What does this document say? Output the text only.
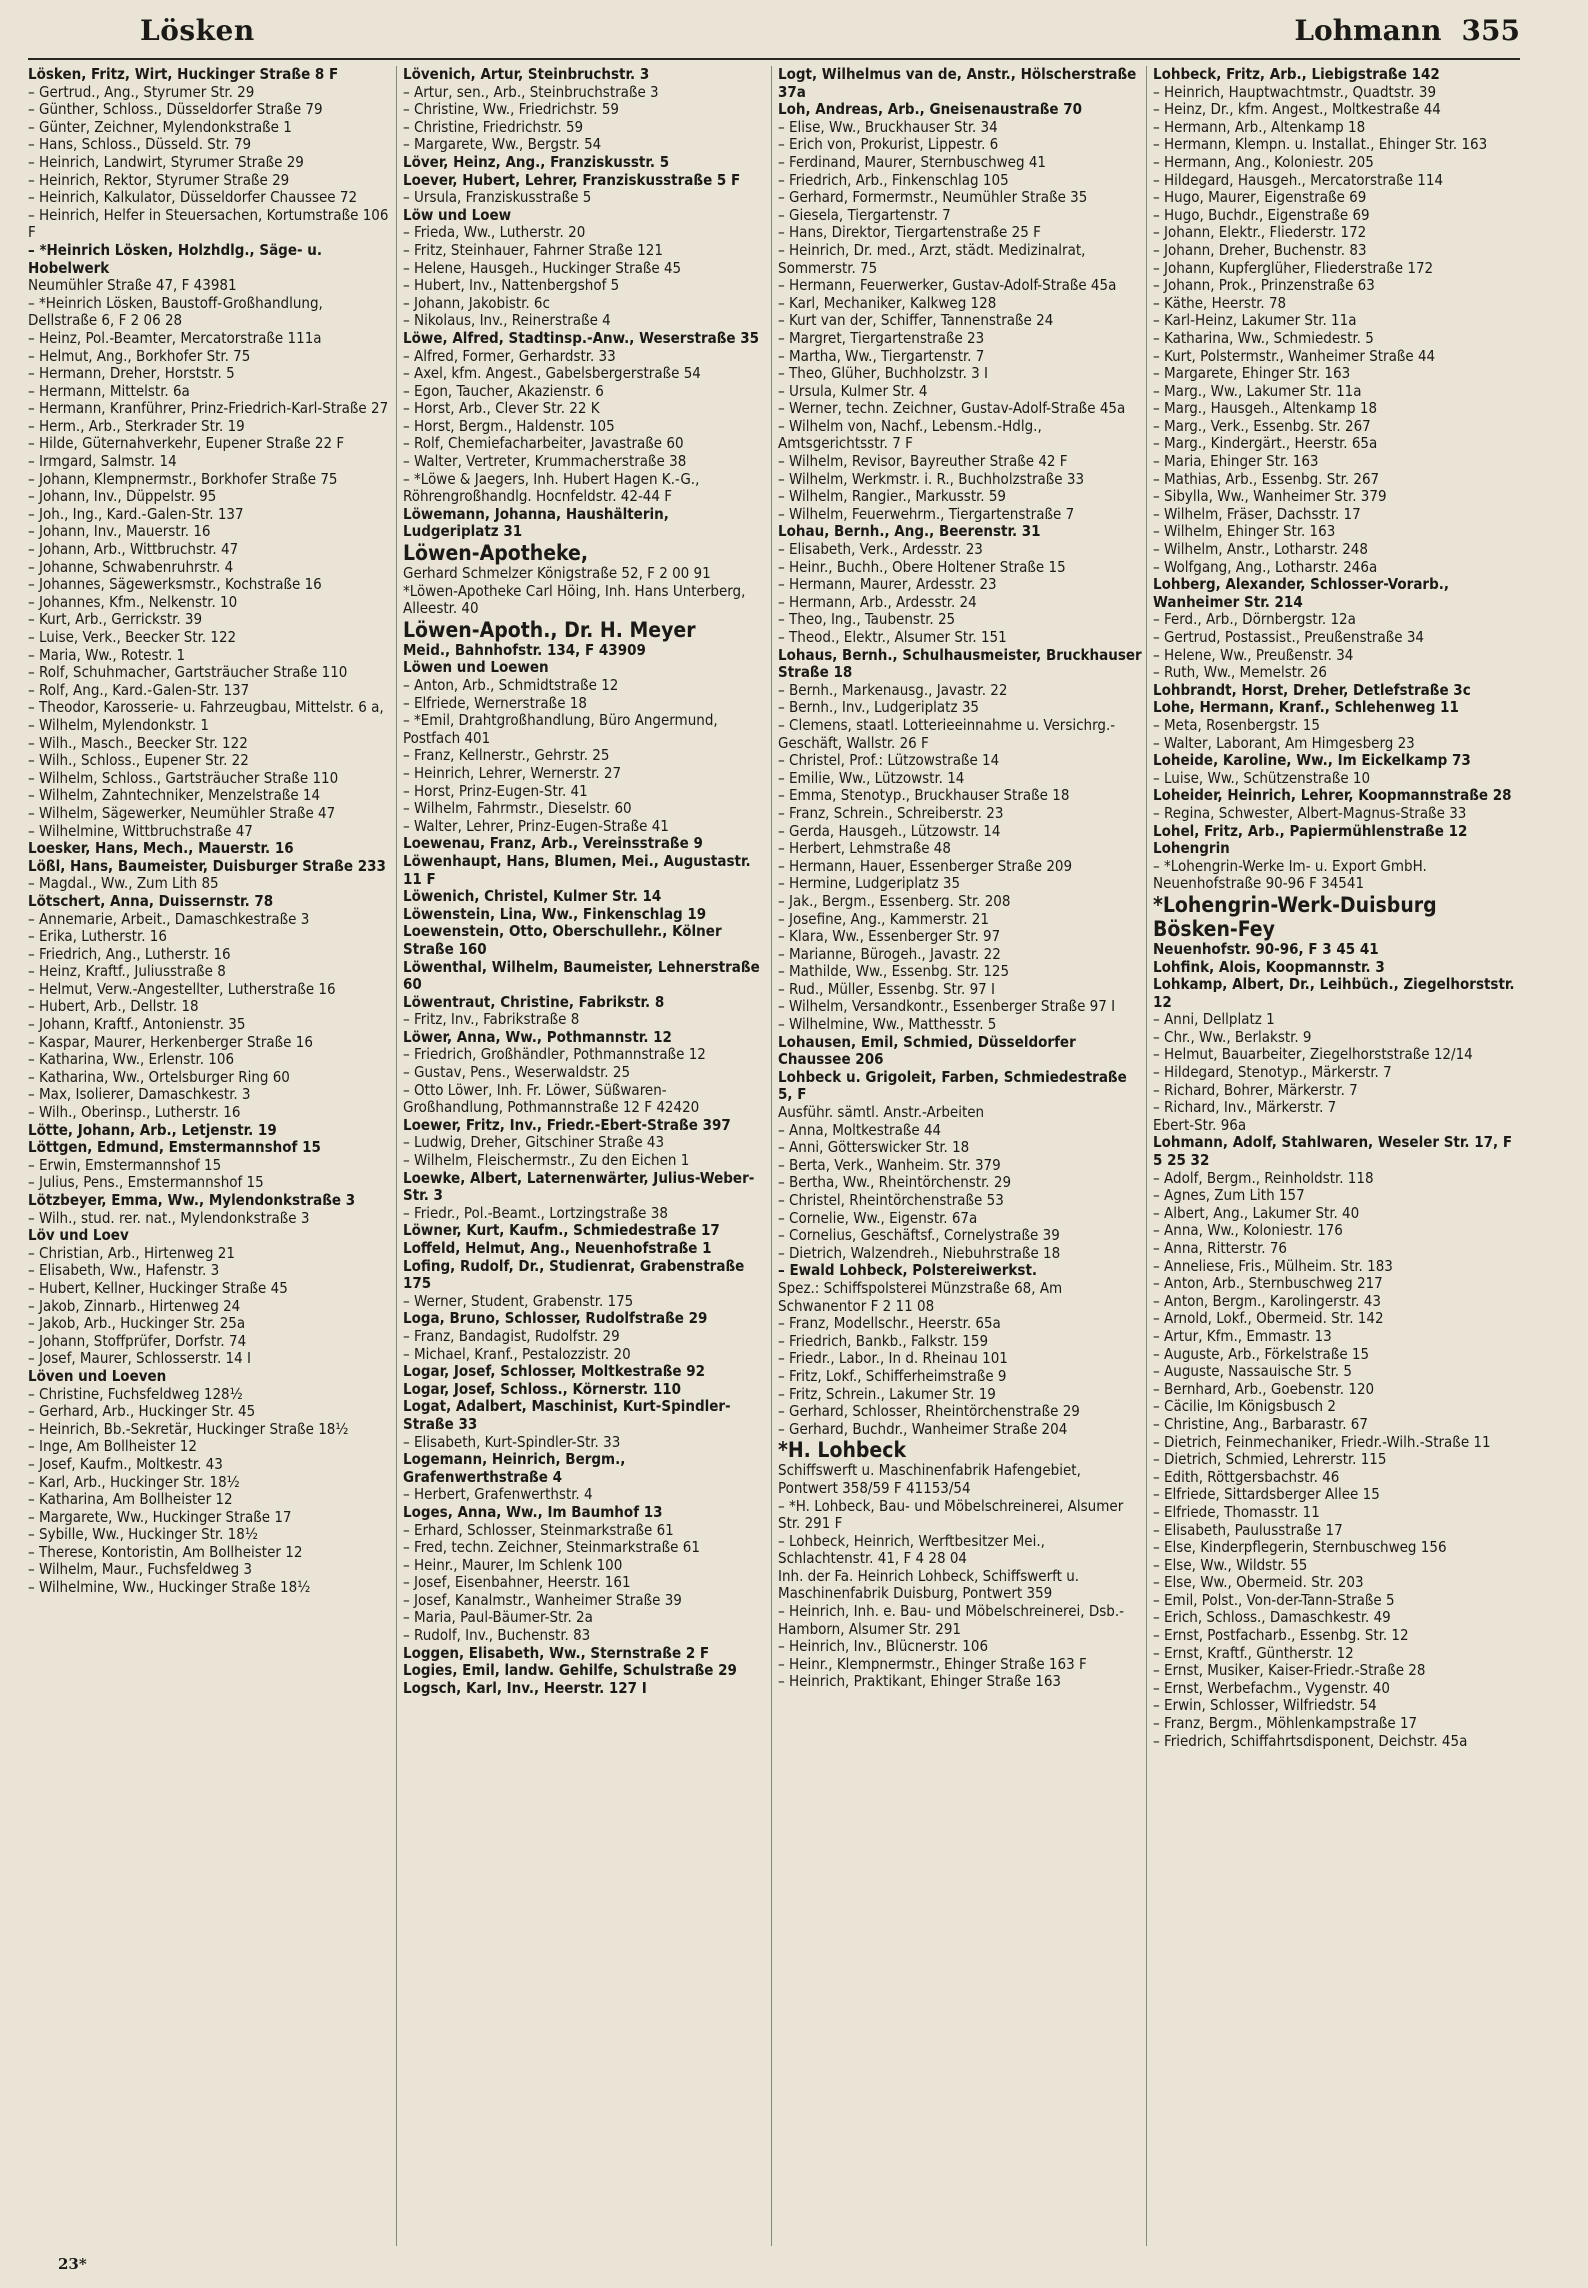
Lösken	Lohmann 355

Lösken, Fritz, Wirt, Huckinger Straße 8 F

– Gertrud., Ang., Styrumer Str. 29

– Günther, Schloss., Düsseldorfer Straße 79

– Günter, Zeichner, Mylendonkstraße 1

– Hans, Schloss., Düsseld. Str. 79

– Heinrich, Landwirt, Styrumer Straße 29

– Heinrich, Rektor, Styrumer Straße 29

– Heinrich, Kalkulator, Düsseldorfer Chaussee 72

– Heinrich, Helfer in Steuersachen, Kortumstraße 106 F

– *Heinrich Lösken, Holzhdlg., Säge- u. Hobelwerk

Neumühler Straße 47, F 43981

– *Heinrich Lösken, Baustoff-Großhandlung, Dellstraße 6, F 2 06 28

– Heinz, Pol.-Beamter, Mercatorstraße 111a

– Helmut, Ang., Borkhofer Str. 75

– Hermann, Dreher, Horststr. 5

– Hermann, Mittelstr. 6a

– Hermann, Kranführer, Prinz-Friedrich-Karl-Straße 27

– Herm., Arb., Sterkrader Str. 19

– Hilde, Güternahverkehr, Eupener Straße 22 F

– Irmgard, Salmstr. 14

– Johann, Klempnermstr., Borkhofer Straße 75

– Johann, Inv., Düppelstr. 95

– Joh., Ing., Kard.-Galen-Str. 137

– Johann, Inv., Mauerstr. 16

– Johann, Arb., Wittbruchstr. 47

– Johanne, Schwabenruhrstr. 4

– Johannes, Sägewerksmstr., Kochstraße 16

– Johannes, Kfm., Nelkenstr. 10

– Kurt, Arb., Gerrickstr. 39

– Luise, Verk., Beecker Str. 122

– Maria, Ww., Rotestr. 1

– Rolf, Schuhmacher, Gartsträucher Straße 110

– Rolf, Ang., Kard.-Galen-Str. 137

– Theodor, Karosserie- u. Fahrzeugbau, Mittelstr. 6 a,

– Wilhelm, Mylendonkstr. 1

– Wilh., Masch., Beecker Str. 122

– Wilh., Schloss., Eupener Str. 22

– Wilhelm, Schloss., Gartsträucher Straße 110

– Wilhelm, Zahntechniker, Menzelstraße 14

– Wilhelm, Sägewerker, Neumühler Straße 47

– Wilhelmine, Wittbruchstraße 47

Loesker, Hans, Mech., Mauerstr. 16

Lößl, Hans, Baumeister, Duisburger Straße 233

– Magdal., Ww., Zum Lith 85

Lötschert, Anna, Duissernstr. 78

– Annemarie, Arbeit., Damaschkestraße 3

– Erika, Lutherstr. 16

– Friedrich, Ang., Lutherstr. 16

– Heinz, Kraftf., Juliusstraße 8

– Helmut, Verw.-Angestellter, Lutherstraße 16

– Hubert, Arb., Dellstr. 18

– Johann, Kraftf., Antonienstr. 35

– Kaspar, Maurer, Herkenberger Straße 16

– Katharina, Ww., Erlenstr. 106

– Katharina, Ww., Ortelsburger Ring 60

– Max, Isolierer, Damaschkestr. 3

– Wilh., Oberinsp., Lutherstr. 16

Lötte, Johann, Arb., Letjenstr. 19

Löttgen, Edmund, Emstermannshof 15

– Erwin, Emstermannshof 15

– Julius, Pens., Emstermannshof 15

Lötzbeyer, Emma, Ww., Mylendonkstraße 3

– Wilh., stud. rer. nat., Mylendonkstraße 3

Löv und Loev

– Christian, Arb., Hirtenweg 21

– Elisabeth, Ww., Hafenstr. 3

– Hubert, Kellner, Huckinger Straße 45

– Jakob, Zinnarb., Hirtenweg 24

– Jakob, Arb., Huckinger Str. 25a

– Johann, Stoffprüfer, Dorfstr. 74

– Josef, Maurer, Schlosserstr. 14 I

Löven und Loeven

– Christine, Fuchsfeldweg 128½

– Gerhard, Arb., Huckinger Str. 45

– Heinrich, Bb.-Sekretär, Huckinger Straße 18½

– Inge, Am Bollheister 12

– Josef, Kaufm., Moltkestr. 43

– Karl, Arb., Huckinger Str. 18½

– Katharina, Am Bollheister 12

– Margarete, Ww., Huckinger Straße 17

– Sybille, Ww., Huckinger Str. 18½

– Therese, Kontoristin, Am Bollheister 12

– Wilhelm, Maur., Fuchsfeldweg 3

– Wilhelmine, Ww., Huckinger Straße 18½

Lövenich, Artur, Steinbruchstr. 3

– Artur, sen., Arb., Steinbruchstraße 3

– Christine, Ww., Friedrichstr. 59

– Christine, Friedrichstr. 59

– Margarete, Ww., Bergstr. 54

Löver, Heinz, Ang., Franziskusstr. 5

Loever, Hubert, Lehrer, Franziskusstraße 5 F

– Ursula, Franziskusstraße 5

Löw und Loew

– Frieda, Ww., Lutherstr. 20

– Fritz, Steinhauer, Fahrner Straße 121

– Helene, Hausgeh., Huckinger Straße 45

– Hubert, Inv., Nattenbergshof 5

– Johann, Jakobistr. 6c

– Nikolaus, Inv., Reinerstraße 4

Löwe, Alfred, Stadtinsp.-Anw., Weserstraße 35

– Alfred, Former, Gerhardstr. 33

– Axel, kfm. Angest., Gabelsbergerstraße 54

– Egon, Taucher, Akazienstr. 6

– Horst, Arb., Clever Str. 22 K

– Horst, Bergm., Haldenstr. 105

– Rolf, Chemiefacharbeiter, Javastraße 60

– Walter, Vertreter, Krummacherstraße 38

– *Löwe & Jaegers, Inh. Hubert Hagen K.-G., Röhrengroßhandlg. Hocnfeldstr. 42-44 F

Löwemann, Johanna, Haushälterin, Ludgeriplatz 31

Löwen-Apotheke,

Gerhard Schmelzer Königstraße 52, F 2 00 91

*Löwen-Apotheke Carl Höing, Inh. Hans Unterberg, Alleestr. 40

Löwen-Apoth., Dr. H. Meyer

Meid., Bahnhofstr. 134, F 43909

Löwen und Loewen

– Anton, Arb., Schmidtstraße 12

– Elfriede, Wernerstraße 18

– *Emil, Drahtgroßhandlung, Büro Angermund, Postfach 401

– Franz, Kellnerstr., Gehrstr. 25

– Heinrich, Lehrer, Wernerstr. 27

– Horst, Prinz-Eugen-Str. 41

– Wilhelm, Fahrmstr., Dieselstr. 60

– Walter, Lehrer, Prinz-Eugen-Straße 41

Loewenau, Franz, Arb., Vereinsstraße 9

Löwenhaupt, Hans, Blumen, Mei., Augustastr. 11 F

Löwenich, Christel, Kulmer Str. 14

Löwenstein, Lina, Ww., Finkenschlag 19

Loewenstein, Otto, Oberschullehr., Kölner Straße 160

Löwenthal, Wilhelm, Baumeister, Lehnerstraße 60

Löwentraut, Christine, Fabrikstr. 8

– Fritz, Inv., Fabrikstraße 8

Löwer, Anna, Ww., Pothmannstr. 12

– Friedrich, Großhändler, Pothmannstraße 12

– Gustav, Pens., Weserwaldstr. 25

– Otto Löwer, Inh. Fr. Löwer, Süßwaren-Großhandlung, Pothmannstraße 12 F 42420

Loewer, Fritz, Inv., Friedr.-Ebert-Straße 397

– Ludwig, Dreher, Gitschiner Straße 43

– Wilhelm, Fleischermstr., Zu den Eichen 1

Loewke, Albert, Laternenwärter, Julius-Weber-Str. 3

– Friedr., Pol.-Beamt., Lortzingstraße 38

Löwner, Kurt, Kaufm., Schmiedestraße 17

Loffeld, Helmut, Ang., Neuenhofstraße 1

Lofing, Rudolf, Dr., Studienrat, Grabenstraße 175

– Werner, Student, Grabenstr. 175

Loga, Bruno, Schlosser, Rudolfstraße 29

– Franz, Bandagist, Rudolfstr. 29

– Michael, Kranf., Pestalozzistr. 20

Logar, Josef, Schlosser, Moltkestraße 92

Logar, Josef, Schloss., Körnerstr. 110

Logat, Adalbert, Maschinist, Kurt-Spindler-Straße 33

– Elisabeth, Kurt-Spindler-Str. 33

Logemann, Heinrich, Bergm., Grafenwerthstraße 4

– Herbert, Grafenwerthstr. 4

Loges, Anna, Ww., Im Baumhof 13

– Erhard, Schlosser, Steinmarkstraße 61

– Fred, techn. Zeichner, Steinmarkstraße 61

– Heinr., Maurer, Im Schlenk 100

– Josef, Eisenbahner, Heerstr. 161

– Josef, Kanalmstr., Wanheimer Straße 39

– Maria, Paul-Bäumer-Str. 2a

– Rudolf, Inv., Buchenstr. 83

Loggen, Elisabeth, Ww., Sternstraße 2 F

Logies, Emil, landw. Gehilfe, Schulstraße 29

Logsch, Karl, Inv., Heerstr. 127 I

Logt, Wilhelmus van de, Anstr., Hölscherstraße 37a

Loh, Andreas, Arb., Gneisenaustraße 70

– Elise, Ww., Bruckhauser Str. 34

– Erich von, Prokurist, Lippestr. 6

– Ferdinand, Maurer, Sternbuschweg 41

– Friedrich, Arb., Finkenschlag 105

– Gerhard, Formermstr., Neumühler Straße 35

– Giesela, Tiergartenstr. 7

– Hans, Direktor, Tiergartenstraße 25 F

– Heinrich, Dr. med., Arzt, städt. Medizinalrat, Sommerstr. 75

– Hermann, Feuerwerker, Gustav-Adolf-Straße 45a

– Karl, Mechaniker, Kalkweg 128

– Kurt van der, Schiffer, Tannenstraße 24

– Margret, Tiergartenstraße 23

– Martha, Ww., Tiergartenstr. 7

– Theo, Glüher, Buchholzstr. 3 I

– Ursula, Kulmer Str. 4

– Werner, techn. Zeichner, Gustav-Adolf-Straße 45a

– Wilhelm von, Nachf., Lebensm.-Hdlg., Amtsgerichtsstr. 7 F

– Wilhelm, Revisor, Bayreuther Straße 42 F

– Wilhelm, Werkmstr. i. R., Buchholzstraße 33

– Wilhelm, Rangier., Markusstr. 59

– Wilhelm, Feuerwehrm., Tiergartenstraße 7

Lohau, Bernh., Ang., Beerenstr. 31

– Elisabeth, Verk., Ardesstr. 23

– Heinr., Buchh., Obere Holtener Straße 15

– Hermann, Maurer, Ardesstr. 23

– Hermann, Arb., Ardesstr. 24

– Theo, Ing., Taubenstr. 25

– Theod., Elektr., Alsumer Str. 151

Lohaus, Bernh., Schulhausmeister, Bruckhauser Straße 18

– Bernh., Markenausg., Javastr. 22

– Bernh., Inv., Ludgeriplatz 35

– Clemens, staatl. Lotterieeinnahme u. Versichrg.-Geschäft, Wallstr. 26 F

– Christel, Prof.: Lützowstraße 14

– Emilie, Ww., Lützowstr. 14

– Emma, Stenotyp., Bruckhauser Straße 18

– Franz, Schrein., Schreiberstr. 23

– Gerda, Hausgeh., Lützowstr. 14

– Herbert, Lehmstraße 48

– Hermann, Hauer, Essenberger Straße 209

– Hermine, Ludgeriplatz 35

– Jak., Bergm., Essenberg. Str. 208

– Josefine, Ang., Kammerstr. 21

– Klara, Ww., Essenberger Str. 97

– Marianne, Bürogeh., Javastr. 22

– Mathilde, Ww., Essenbg. Str. 125

– Rud., Müller, Essenbg. Str. 97 I

– Wilhelm, Versandkontr., Essenberger Straße 97 I

– Wilhelmine, Ww., Matthesstr. 5

Lohausen, Emil, Schmied, Düsseldorfer Chaussee 206

Lohbeck u. Grigoleit, Farben, Schmiedestraße 5, F

Ausführ. sämtl. Anstr.-Arbeiten

– Anna, Moltkestraße 44

– Anni, Götterswicker Str. 18

– Berta, Verk., Wanheim. Str. 379

– Bertha, Ww., Rheintörchenstr. 29

– Christel, Rheintörchenstraße 53

– Cornelie, Ww., Eigenstr. 67a

– Cornelius, Geschäftsf., Cornelystraße 39

– Dietrich, Walzendreh., Niebuhrstraße 18

– Ewald Lohbeck, Polstereiwerkst.

Spez.: Schiffspolsterei Münzstraße 68, Am Schwanentor F 2 11 08

– Franz, Modellschr., Heerstr. 65a

– Friedrich, Bankb., Falkstr. 159

– Friedr., Labor., In d. Rheinau 101

– Fritz, Lokf., Schifferheimstraße 9

– Fritz, Schrein., Lakumer Str. 19

– Gerhard, Schlosser, Rheintörchenstraße 29

– Gerhard, Buchdr., Wanheimer Straße 204

*H. Lohbeck

Schiffswerft u. Maschinenfabrik Hafengebiet, Pontwert 358/59 F 41153/54

– *H. Lohbeck, Bau- und Möbelschreinerei, Alsumer Str. 291 F

– Lohbeck, Heinrich, Werftbesitzer Mei., Schlachtenstr. 41, F 4 28 04

Inh. der Fa. Heinrich Lohbeck, Schiffswerft u. Maschinenfabrik Duisburg, Pontwert 359

– Heinrich, Inh. e. Bau- und Möbelschreinerei, Dsb.-Hamborn, Alsumer Str. 291

– Heinrich, Inv., Blücnerstr. 106

– Heinr., Klempnermstr., Ehinger Straße 163 F

– Heinrich, Praktikant, Ehinger Straße 163

Lohbeck, Fritz, Arb., Liebigstraße 142

– Heinrich, Hauptwachtmstr., Quadtstr. 39

– Heinz, Dr., kfm. Angest., Moltkestraße 44

– Hermann, Arb., Altenkamp 18

– Hermann, Klempn. u. Installat., Ehinger Str. 163

– Hermann, Ang., Koloniestr. 205

– Hildegard, Hausgeh., Mercatorstraße 114

– Hugo, Maurer, Eigenstraße 69

– Hugo, Buchdr., Eigenstraße 69

– Johann, Elektr., Fliederstr. 172

– Johann, Dreher, Buchenstr. 83

– Johann, Kupferglüher, Fliederstraße 172

– Johann, Prok., Prinzenstraße 63

– Käthe, Heerstr. 78

– Karl-Heinz, Lakumer Str. 11a

– Katharina, Ww., Schmiedestr. 5

– Kurt, Polstermstr., Wanheimer Straße 44

– Margarete, Ehinger Str. 163

– Marg., Ww., Lakumer Str. 11a

– Marg., Hausgeh., Altenkamp 18

– Marg., Verk., Essenbg. Str. 267

– Marg., Kindergärt., Heerstr. 65a

– Maria, Ehinger Str. 163

– Mathias, Arb., Essenbg. Str. 267

– Sibylla, Ww., Wanheimer Str. 379

– Wilhelm, Fräser, Dachsstr. 17

– Wilhelm, Ehinger Str. 163

– Wilhelm, Anstr., Lotharstr. 248

– Wolfgang, Ang., Lotharstr. 246a

Lohberg, Alexander, Schlosser-Vorarb., Wanheimer Str. 214

– Ferd., Arb., Dörnbergstr. 12a

– Gertrud, Postassist., Preußenstraße 34

– Helene, Ww., Preußenstr. 34

– Ruth, Ww., Memelstr. 26

Lohbrandt, Horst, Dreher, Detlefstraße 3c

Lohe, Hermann, Kranf., Schlehenweg 11

– Meta, Rosenbergstr. 15

– Walter, Laborant, Am Himgesberg 23

Loheide, Karoline, Ww., Im Eickelkamp 73

– Luise, Ww., Schützenstraße 10

Loheider, Heinrich, Lehrer, Koopmannstraße 28

– Regina, Schwester, Albert-Magnus-Straße 33

Lohel, Fritz, Arb., Papiermühlenstraße 12

Lohengrin

– *Lohengrin-Werke Im- u. Export GmbH. Neuenhofstraße 90-96 F 34541

*Lohengrin-Werk-Duisburg Bösken-Fey

Neuenhofstr. 90-96, F 3 45 41

Lohfink, Alois, Koopmannstr. 3

Lohkamp, Albert, Dr., Leihbüch., Ziegelhorststr. 12

– Anni, Dellplatz 1

– Chr., Ww., Berlakstr. 9

– Helmut, Bauarbeiter, Ziegelhorststraße 12/14

– Hildegard, Stenotyp., Märkerstr. 7

– Richard, Bohrer, Märkerstr. 7

– Richard, Inv., Märkerstr. 7

Ebert-Str. 96a

Lohmann, Adolf, Stahlwaren, Weseler Str. 17, F 5 25 32

– Adolf, Bergm., Reinholdstr. 118

– Agnes, Zum Lith 157

– Albert, Ang., Lakumer Str. 40

– Anna, Ww., Koloniestr. 176

– Anna, Ritterstr. 76

– Anneliese, Fris., Mülheim. Str. 183

– Anton, Arb., Sternbuschweg 217

– Anton, Bergm., Karolingerstr. 43

– Arnold, Lokf., Obermeid. Str. 142

– Artur, Kfm., Emmastr. 13

– Auguste, Arb., Förkelstraße 15

– Auguste, Nassauische Str. 5

– Bernhard, Arb., Goebenstr. 120

– Cäcilie, Im Königsbusch 2

– Christine, Ang., Barbarastr. 67

– Dietrich, Feinmechaniker, Friedr.-Wilh.-Straße 11

– Dietrich, Schmied, Lehrerstr. 115

– Edith, Röttgersbachstr. 46

– Elfriede, Sittardsberger Allee 15

– Elfriede, Thomasstr. 11

– Elisabeth, Paulusstraße 17

– Else, Kinderpflegerin, Sternbuschweg 156

– Else, Ww., Wildstr. 55

– Else, Ww., Obermeid. Str. 203

– Emil, Polst., Von-der-Tann-Straße 5

– Erich, Schloss., Damaschkestr. 49

– Ernst, Postfacharb., Essenbg. Str. 12

– Ernst, Kraftf., Güntherstr. 12

– Ernst, Musiker, Kaiser-Friedr.-Straße 28

– Ernst, Werbefachm., Vygenstr. 40

– Erwin, Schlosser, Wilfriedstr. 54

– Franz, Bergm., Möhlenkampstraße 17

– Friedrich, Schiffahrtsdisponent, Deichstr. 45a

23*
